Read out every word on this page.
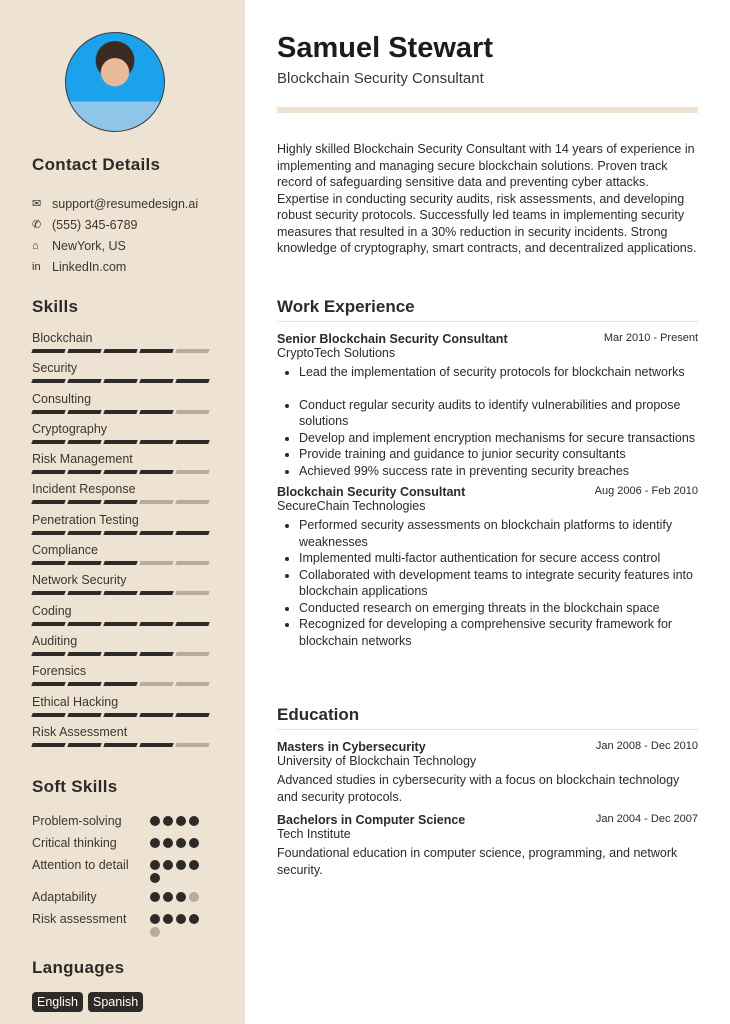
Contact Details
✉ support@resumedesign.ai
✆ (555) 345-6789
⌂	NewYork, US
in LinkedIn.com
Skills
Blockchain
Security
Consulting
Cryptography
Risk Management
Incident Response
Penetration Testing
Compliance
Network Security
Coding
Auditing
Forensics
Ethical Hacking
Risk Assessment
Soft Skills
Problem-solving
Critical thinking
Attention to detail
Adaptability
Risk assessment
Languages
English	Spanish
Samuel Stewart
Blockchain Security Consultant
Highly skilled Blockchain Security Consultant with 14 years of experience in implementing and managing secure blockchain solutions. Proven track record of safeguarding sensitive data and preventing cyber attacks. Expertise in conducting security audits, risk assessments, and developing robust security protocols. Successfully led teams in implementing security measures that resulted in a 30% reduction in security incidents. Strong knowledge of cryptography, smart contracts, and decentralized applications.
Work Experience
Senior Blockchain Security Consultant	Mar 2010 - Present
CryptoTech Solutions
• Lead the implementation of security protocols for blockchain networks
• Conduct regular security audits to identify vulnerabilities and propose solutions
• Develop and implement encryption mechanisms for secure transactions
• Provide training and guidance to junior security consultants
• Achieved 99% success rate in preventing security breaches
Blockchain Security Consultant	Aug 2006 - Feb 2010
SecureChain Technologies
• Performed security assessments on blockchain platforms to identify weaknesses
• Implemented multi-factor authentication for secure access control
• Collaborated with development teams to integrate security features into blockchain applications
• Conducted research on emerging threats in the blockchain space
• Recognized for developing a comprehensive security framework for blockchain networks
Education
Masters in Cybersecurity	Jan 2008 - Dec 2010
University of Blockchain Technology
Advanced studies in cybersecurity with a focus on blockchain technology and security protocols.
Bachelors in Computer Science	Jan 2004 - Dec 2007
Tech Institute
Foundational education in computer science, programming, and network security.
